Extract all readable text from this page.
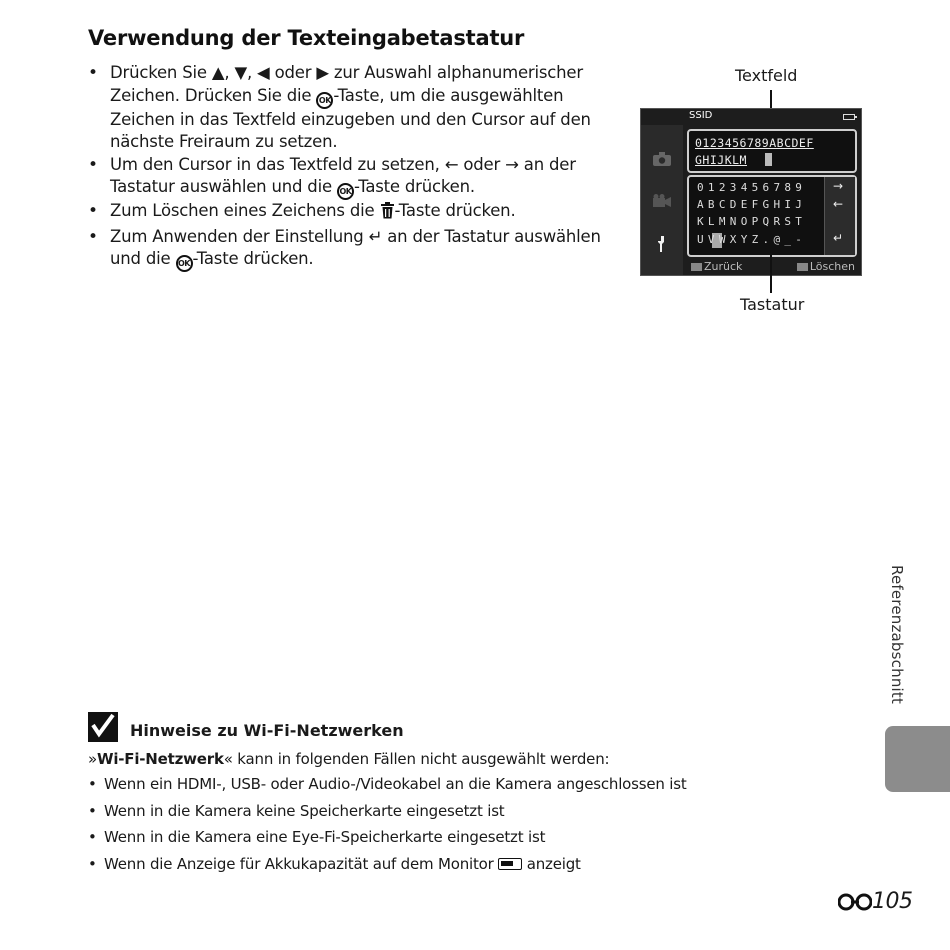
Verwendung der Texteingabetastatur
• Drücken Sie ▲, ▼, ◀ oder ▶ zur Auswahl alphanumerischer Zeichen. Drücken Sie die OK -Taste, um die ausgewählten Zeichen in das Textfeld einzugeben und den Cursor auf den nächste Freiraum zu setzen.
• Um den Cursor in das Textfeld zu setzen, ← oder → an der Tastatur auswählen und die OK -Taste drücken.
• Zum Löschen eines Zeichens die -Taste drücken.
• Zum Anwenden der Einstellung ↵ an der Tastatur auswählen und die OK -Taste drücken.
Textfeld
SSID
0123456789ABCDEF
GHIJKLM
0123456789
ABCDEFGHIJ
KLMNOPQRST
UVWXYZ.@_-
→
←
↵
Zurück	Löschen
Tastatur
Referenzabschnitt
Hinweise zu Wi-Fi-Netzwerken
»Wi-Fi-Netzwerk« kann in folgenden Fällen nicht ausgewählt werden:
• Wenn ein HDMI-, USB- oder Audio-/Videokabel an die Kamera angeschlossen ist
• Wenn in die Kamera keine Speicherkarte eingesetzt ist
• Wenn in die Kamera eine Eye-Fi-Speicherkarte eingesetzt ist
• Wenn die Anzeige für Akkukapazität auf dem Monitor  anzeigt
105
